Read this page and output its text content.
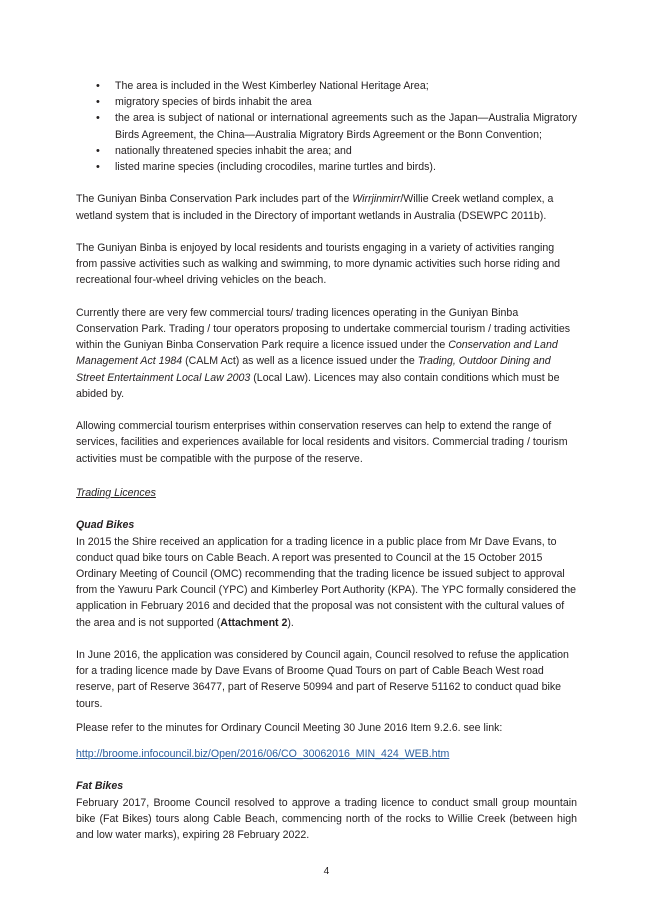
• The area is included in the West Kimberley National Heritage Area;
• migratory species of birds inhabit the area
• the area is subject of national or international agreements such as the Japan—Australia Migratory Birds Agreement, the China—Australia Migratory Birds Agreement or the Bonn Convention;
• nationally threatened species inhabit the area; and
• listed marine species (including crocodiles, marine turtles and birds).

The Guniyan Binba Conservation Park includes part of the Wirrjinmirr/Willie Creek wetland complex, a wetland system that is included in the Directory of important wetlands in Australia (DSEWPC 2011b).

The Guniyan Binba is enjoyed by local residents and tourists engaging in a variety of activities ranging from passive activities such as walking and swimming, to more dynamic activities such horse riding and recreational four-wheel driving vehicles on the beach.

Currently there are very few commercial tours/ trading licences operating in the Guniyan Binba Conservation Park. Trading / tour operators proposing to undertake commercial tourism / trading activities within the Guniyan Binba Conservation Park require a licence issued under the Conservation and Land Management Act 1984 (CALM Act) as well as a licence issued under the Trading, Outdoor Dining and Street Entertainment Local Law 2003 (Local Law). Licences may also contain conditions which must be abided by.

Allowing commercial tourism enterprises within conservation reserves can help to extend the range of services, facilities and experiences available for local residents and visitors. Commercial trading / tourism activities must be compatible with the purpose of the reserve.

Trading Licences

Quad Bikes

In 2015 the Shire received an application for a trading licence in a public place from Mr Dave Evans, to conduct quad bike tours on Cable Beach. A report was presented to Council at the 15 October 2015 Ordinary Meeting of Council (OMC) recommending that the trading licence be issued subject to approval from the Yawuru Park Council (YPC) and Kimberley Port Authority (KPA). The YPC formally considered the application in February 2016 and decided that the proposal was not consistent with the cultural values of the area and is not supported (Attachment 2).

In June 2016, the application was considered by Council again, Council resolved to refuse the application for a trading licence made by Dave Evans of Broome Quad Tours on part of Cable Beach West road reserve, part of Reserve 36477, part of Reserve 50994 and part of Reserve 51162 to conduct quad bike tours.

Please refer to the minutes for Ordinary Council Meeting 30 June 2016 Item 9.2.6. see link:

http://broome.infocouncil.biz/Open/2016/06/CO_30062016_MIN_424_WEB.htm

Fat Bikes

February 2017, Broome Council resolved to approve a trading licence to conduct small group mountain bike (Fat Bikes) tours along Cable Beach, commencing north of the rocks to Willie Creek (between high and low water marks), expiring 28 February 2022.

4
